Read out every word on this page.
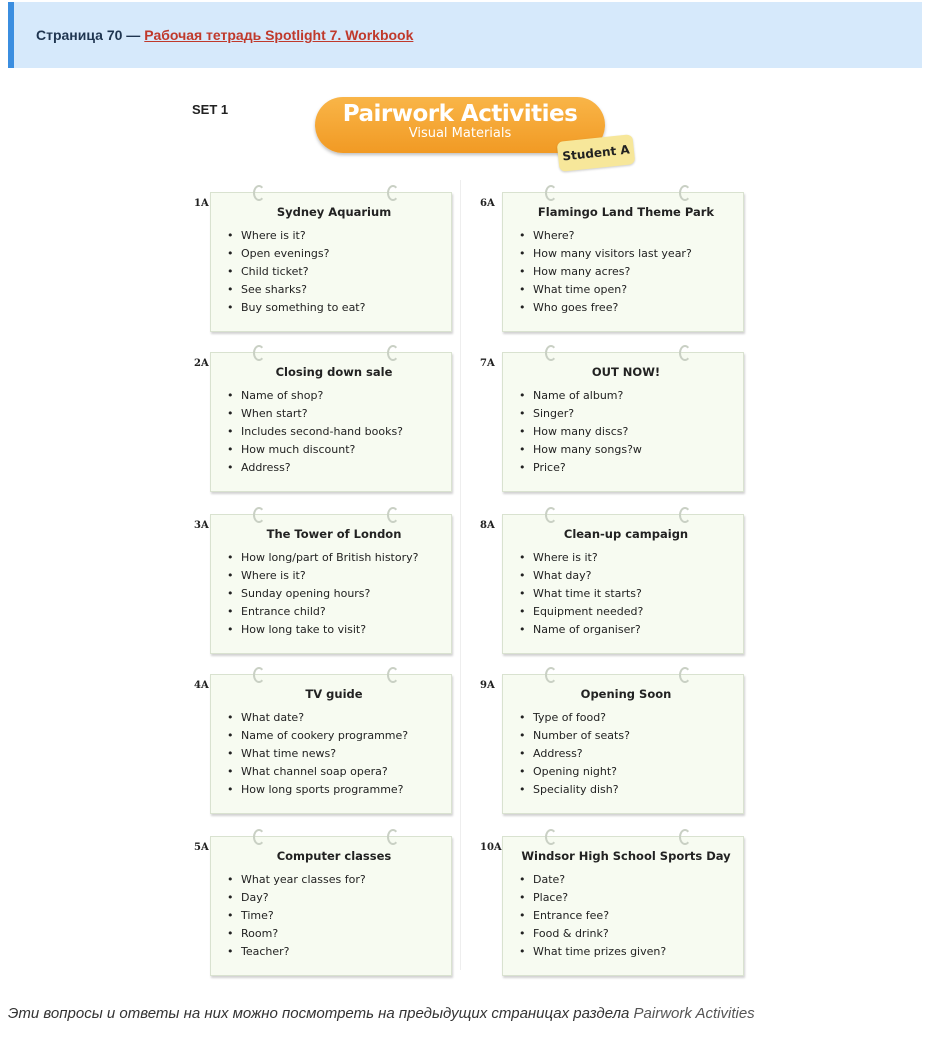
Страница 70 — Рабочая тетрадь Spotlight 7. Workbook
SET 1	Pairwork Activities
Visual Materials
Student A
1A
Sydney Aquarium
• Where is it?
• Open evenings?
• Child ticket?
• See sharks?
• Buy something to eat?
6A
Flamingo Land Theme Park
• Where?
• How many visitors last year?
• How many acres?
• What time open?
• Who goes free?
2A
Closing down sale
• Name of shop?
• When start?
• Includes second-hand books?
• How much discount?
• Address?
7A
OUT NOW!
• Name of album?
• Singer?
• How many discs?
• How many songs?w
• Price?
3A
The Tower of London
• How long/part of British history?
• Where is it?
• Sunday opening hours?
• Entrance child?
• How long take to visit?
8A
Clean-up campaign
• Where is it?
• What day?
• What time it starts?
• Equipment needed?
• Name of organiser?
4A
TV guide
• What date?
• Name of cookery programme?
• What time news?
• What channel soap opera?
• How long sports programme?
9A
Opening Soon
• Type of food?
• Number of seats?
• Address?
• Opening night?
• Speciality dish?
5A
Computer classes
• What year classes for?
• Day?
• Time?
• Room?
• Teacher?
10A
Windsor High School Sports Day
• Date?
• Place?
• Entrance fee?
• Food & drink?
• What time prizes given?
Эти вопросы и ответы на них можно посмотреть на предыдущих страницах раздела Pairwork Activities
